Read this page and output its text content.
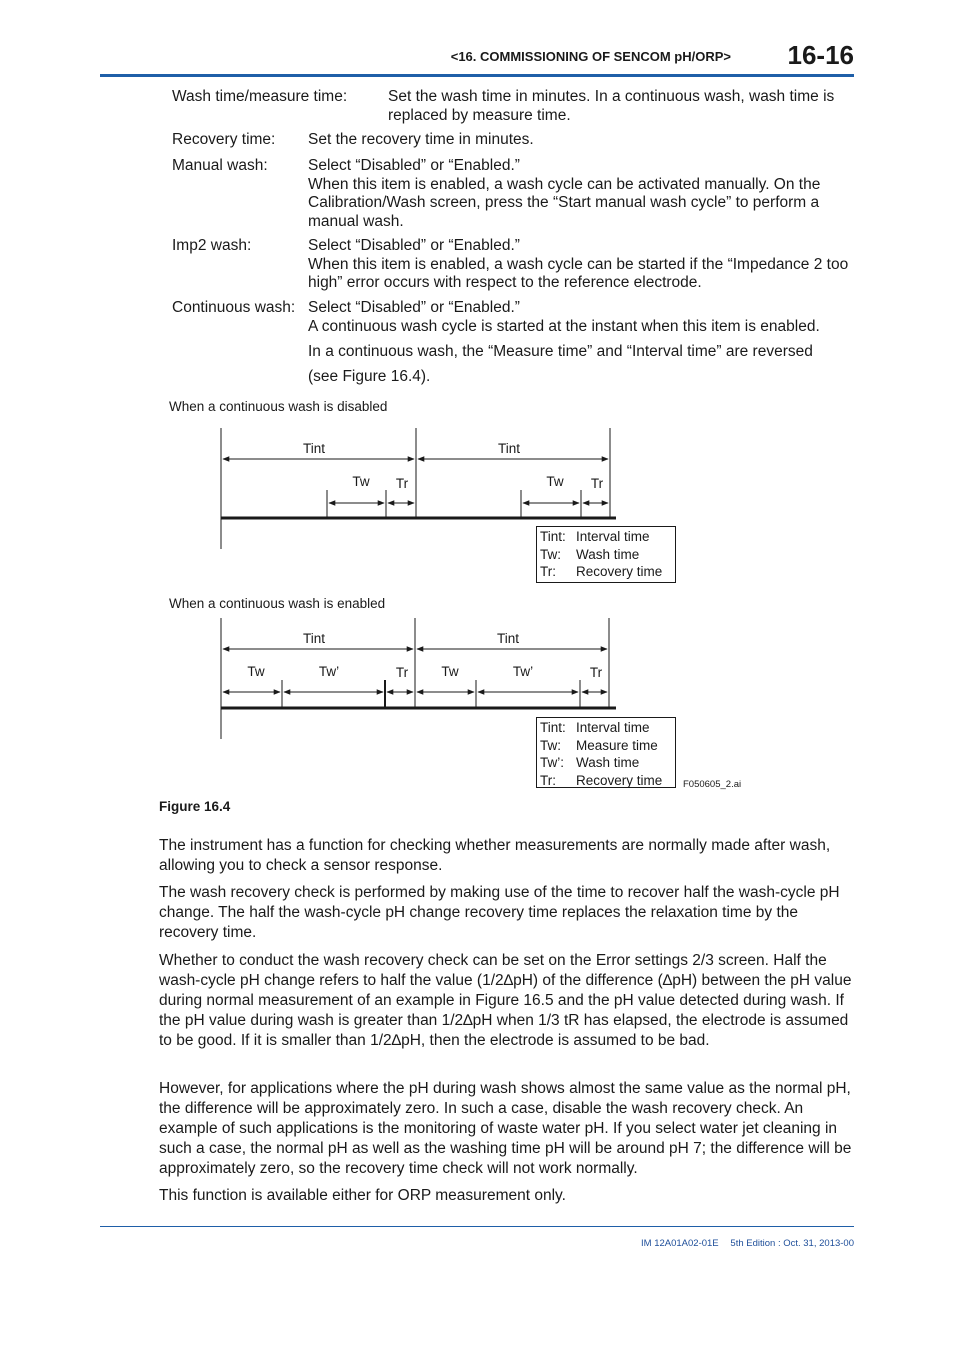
<16. COMMISSIONING OF SENCOM pH/ORP> 16-16
Wash time/measure time:	Set the wash time in minutes. In a continuous wash, wash time is replaced by measure time.
Recovery time: Set the recovery time in minutes.
Manual wash:	Select “Disabled” or “Enabled.”
When this item is enabled, a wash cycle can be activated manually. On the Calibration/Wash screen, press the “Start manual wash cycle” to perform a manual wash.
Imp2 wash:	Select “Disabled” or “Enabled.”
When this item is enabled, a wash cycle can be started if the “Impedance 2 too high” error occurs with respect to the reference electrode.
Continuous wash: Select “Disabled” or “Enabled.”
A continuous wash cycle is started at the instant when this item is enabled.
In a continuous wash, the “Measure time” and “Interval time” are reversed
(see Figure 16.4).
When a continuous wash is disabled
Tint	Tint
Tw Tr	Tw Tr
Tint	Tint
Tw	Tw’	Tr Tw	Tw’	Tr
Tint: Interval time
Tw: Wash time
Tr: Recovery time
When a continuous wash is enabled
Tint: Interval time
Tw: Measure time
Tw’: Wash time
Tr: Recovery time F050605_2.ai
Figure 16.4
The instrument has a function for checking whether measurements are normally made after wash, allowing you to check a sensor response.
The wash recovery check is performed by making use of the time to recover half the wash-cycle pH change. The half the wash-cycle pH change recovery time replaces the relaxation time by the recovery time.
Whether to conduct the wash recovery check can be set on the Error settings 2/3 screen. Half the wash-cycle pH change refers to half the value (1/2∆pH) of the difference (∆pH) between the pH value during normal measurement of an example in Figure 16.5 and the pH value detected during wash. If the pH value during wash is greater than 1/2∆pH when 1/3 tR has elapsed, the electrode is assumed to be good. If it is smaller than 1/2∆pH, then the electrode is assumed to be bad.
However, for applications where the pH during wash shows almost the same value as the normal pH, the difference will be approximately zero. In such a case, disable the wash recovery check. An example of such applications is the monitoring of waste water pH. If you select water jet cleaning in such a case, the normal pH as well as the washing time pH will be around pH 7; the difference will be approximately zero, so the recovery time check will not work normally.
This function is available either for ORP measurement only.
IM 12A01A02-01E 5th Edition : Oct. 31, 2013-00
